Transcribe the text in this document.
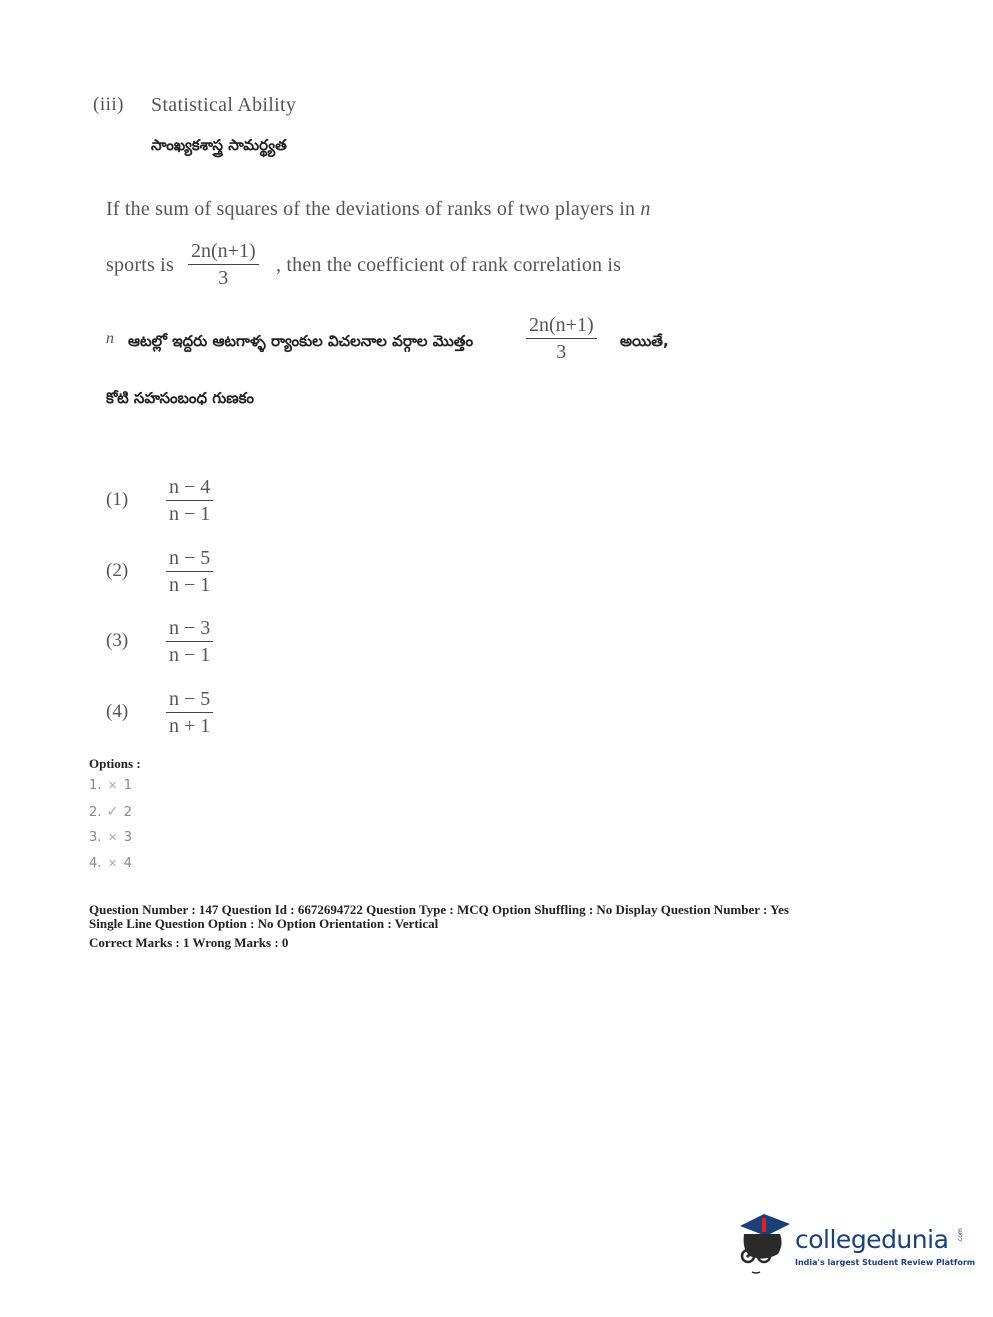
(iii) Statistical Ability
సాంఖ్యకశాస్త్ర సామర్థ్యత
If the sum of squares of the deviations of ranks of two players in n
sports is
2n(n+1)
3
, then the coefficient of rank correlation is
n ఆటల్లో ఇద్దరు ఆటగాళ్ళ ర్యాంకుల విచలనాల వర్గాల మొత్తం
2n(n+1)
3	అయితే,
కోటి సహసంబంధ గుణకం
(1)
n − 4
n − 1
(2)
n − 5
n − 1
(3)
n − 3
n − 1
(4)
n − 5
n + 1
Options :
1. ✕ 1
2. ✓ 2
3. ✕ 3
4. ✕ 4
Question Number : 147 Question Id : 6672694722 Question Type : MCQ Option Shuffling : No Display Question Number : Yes
Single Line Question Option : No Option Orientation : Vertical
Correct Marks : 1 Wrong Marks : 0
collegedunia
India's largest Student Review Platform
.com
